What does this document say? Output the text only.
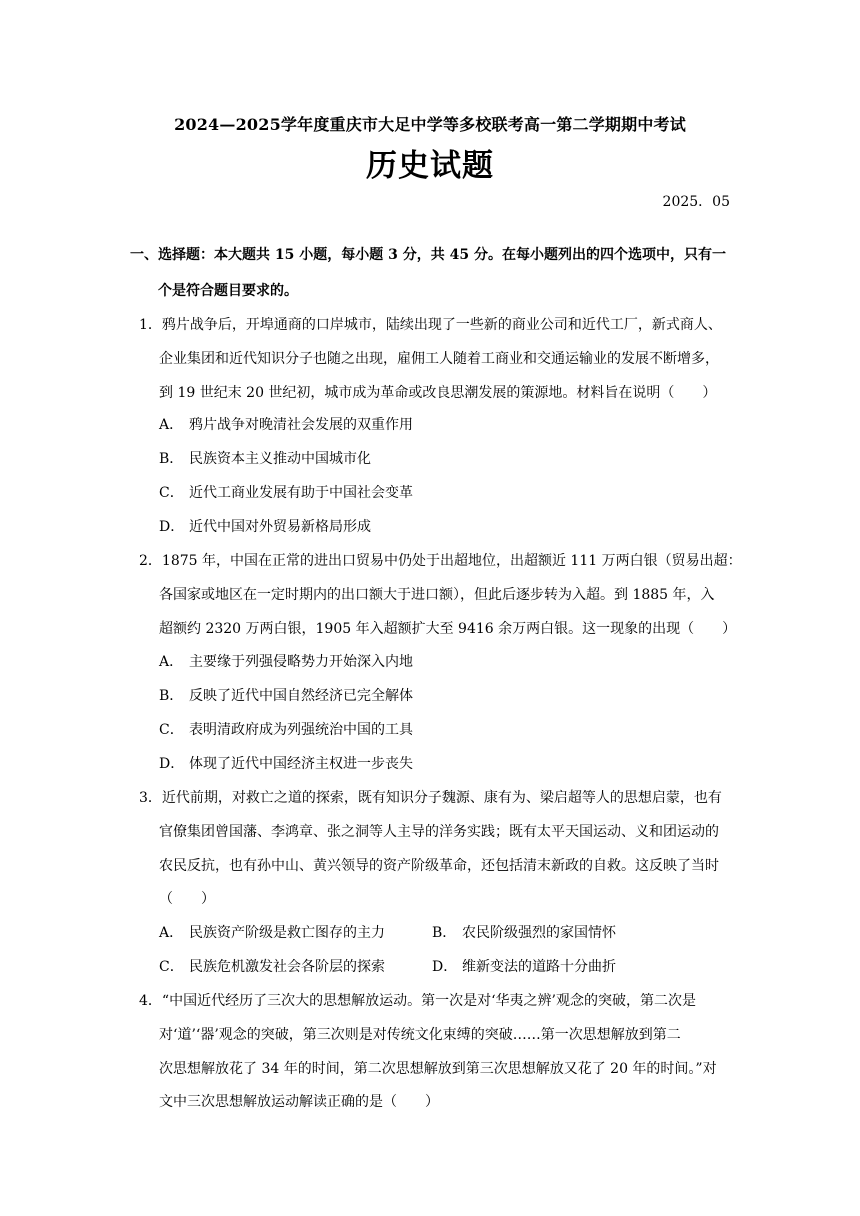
2024—2025学年度重庆市大足中学等多校联考高一第二学期期中考试
历史试题
2025．05
一、选择题：本大题共 15 小题，每小题 3 分，共 45 分。在每小题列出的四个选项中，只有一
个是符合题目要求的。
1．鸦片战争后，开埠通商的口岸城市，陆续出现了一些新的商业公司和近代工厂，新式商人、
企业集团和近代知识分子也随之出现，雇佣工人随着工商业和交通运输业的发展不断增多，
到 19 世纪末 20 世纪初，城市成为革命或改良思潮发展的策源地。材料旨在说明（　　）
A． 鸦片战争对晚清社会发展的双重作用
B． 民族资本主义推动中国城市化
C． 近代工商业发展有助于中国社会变革
D． 近代中国对外贸易新格局形成
2．1875 年，中国在正常的进出口贸易中仍处于出超地位，出超额近 111 万两白银（贸易出超：
各国家或地区在一定时期内的出口额大于进口额），但此后逐步转为入超。到 1885 年，入
超额约 2320 万两白银，1905 年入超额扩大至 9416 余万两白银。这一现象的出现（　　）
A． 主要缘于列强侵略势力开始深入内地
B． 反映了近代中国自然经济已完全解体
C． 表明清政府成为列强统治中国的工具
D． 体现了近代中国经济主权进一步丧失
3．近代前期，对救亡之道的探索，既有知识分子魏源、康有为、梁启超等人的思想启蒙，也有
官僚集团曾国藩、李鸿章、张之洞等人主导的洋务实践；既有太平天国运动、义和团运动的
农民反抗，也有孙中山、黄兴领导的资产阶级革命，还包括清末新政的自救。这反映了当时
（　　）
A． 民族资产阶级是救亡图存的主力	B． 农民阶级强烈的家国情怀
C． 民族危机激发社会各阶层的探索	D． 维新变法的道路十分曲折
4．“中国近代经历了三次大的思想解放运动。第一次是对‘华夷之辨’观念的突破，第二次是
对‘道’‘器’观念的突破，第三次则是对传统文化束缚的突破……第一次思想解放到第二
次思想解放花了 34 年的时间，第二次思想解放到第三次思想解放又花了 20 年的时间。”对
文中三次思想解放运动解读正确的是（　　）
